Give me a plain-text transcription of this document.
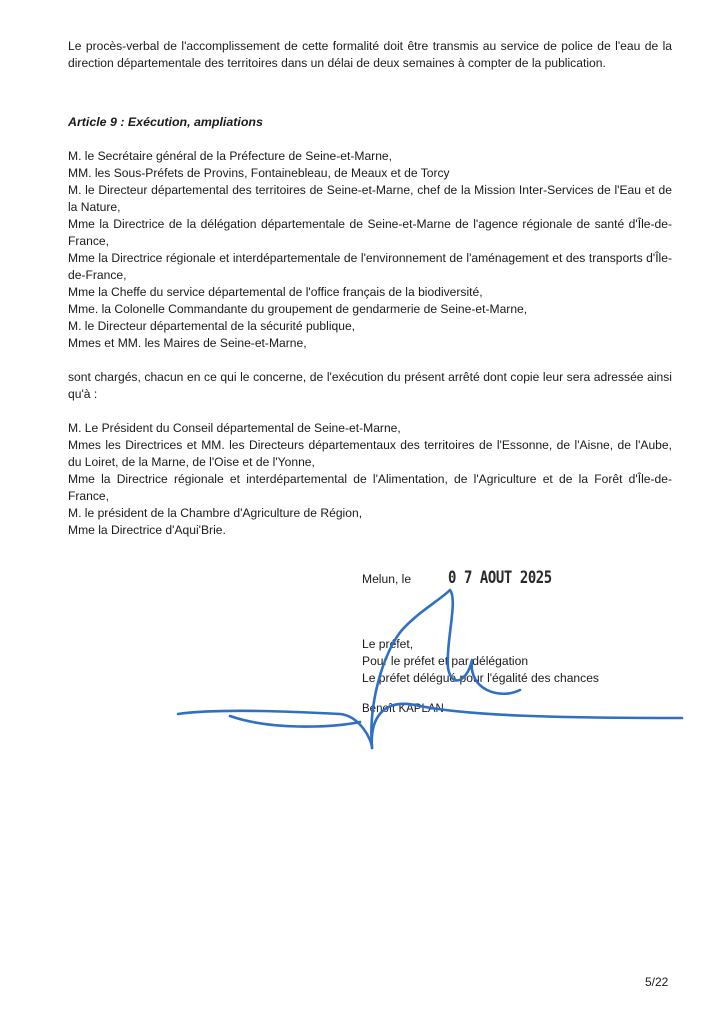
Le procès-verbal de l'accomplissement de cette formalité doit être transmis au service de police de l'eau de la direction départementale des territoires dans un délai de deux semaines à compter de la publication.

Article 9 : Exécution, ampliations

M. le Secrétaire général de la Préfecture de Seine-et-Marne,
MM. les Sous-Préfets de Provins, Fontainebleau, de Meaux et de Torcy
M. le Directeur départemental des territoires de Seine-et-Marne, chef de la Mission Inter-Services de l'Eau et de la Nature,
Mme la Directrice de la délégation départementale de Seine-et-Marne de l'agence régionale de santé d'Île-de-France,
Mme la Directrice régionale et interdépartementale de l'environnement de l'aménagement et des transports d'Île-de-France,
Mme la Cheffe du service départemental de l'office français de la biodiversité,
Mme. la Colonelle Commandante du groupement de gendarmerie de Seine-et-Marne,
M. le Directeur départemental de la sécurité publique,
Mmes et MM. les Maires de Seine-et-Marne,

sont chargés, chacun en ce qui le concerne, de l'exécution du présent arrêté dont copie leur sera adressée ainsi qu'à :

M. Le Président du Conseil départemental de Seine-et-Marne,
Mmes les Directrices et MM. les Directeurs départementaux des territoires de l'Essonne, de l'Aisne, de l'Aube, du Loiret, de la Marne, de l'Oise et de l'Yonne,
Mme la Directrice régionale et interdépartemental de l'Alimentation, de l'Agriculture et de la Forêt d'Île-de-France,
M. le président de la Chambre d'Agriculture de Région,
Mme la Directrice d'Aqui'Brie.
Melun, le 0 7 AOUT 2025
Le préfet,
Pour le préfet et par délégation
Le préfet délégué pour l'égalité des chances
Benoît KAPLAN
5/22
